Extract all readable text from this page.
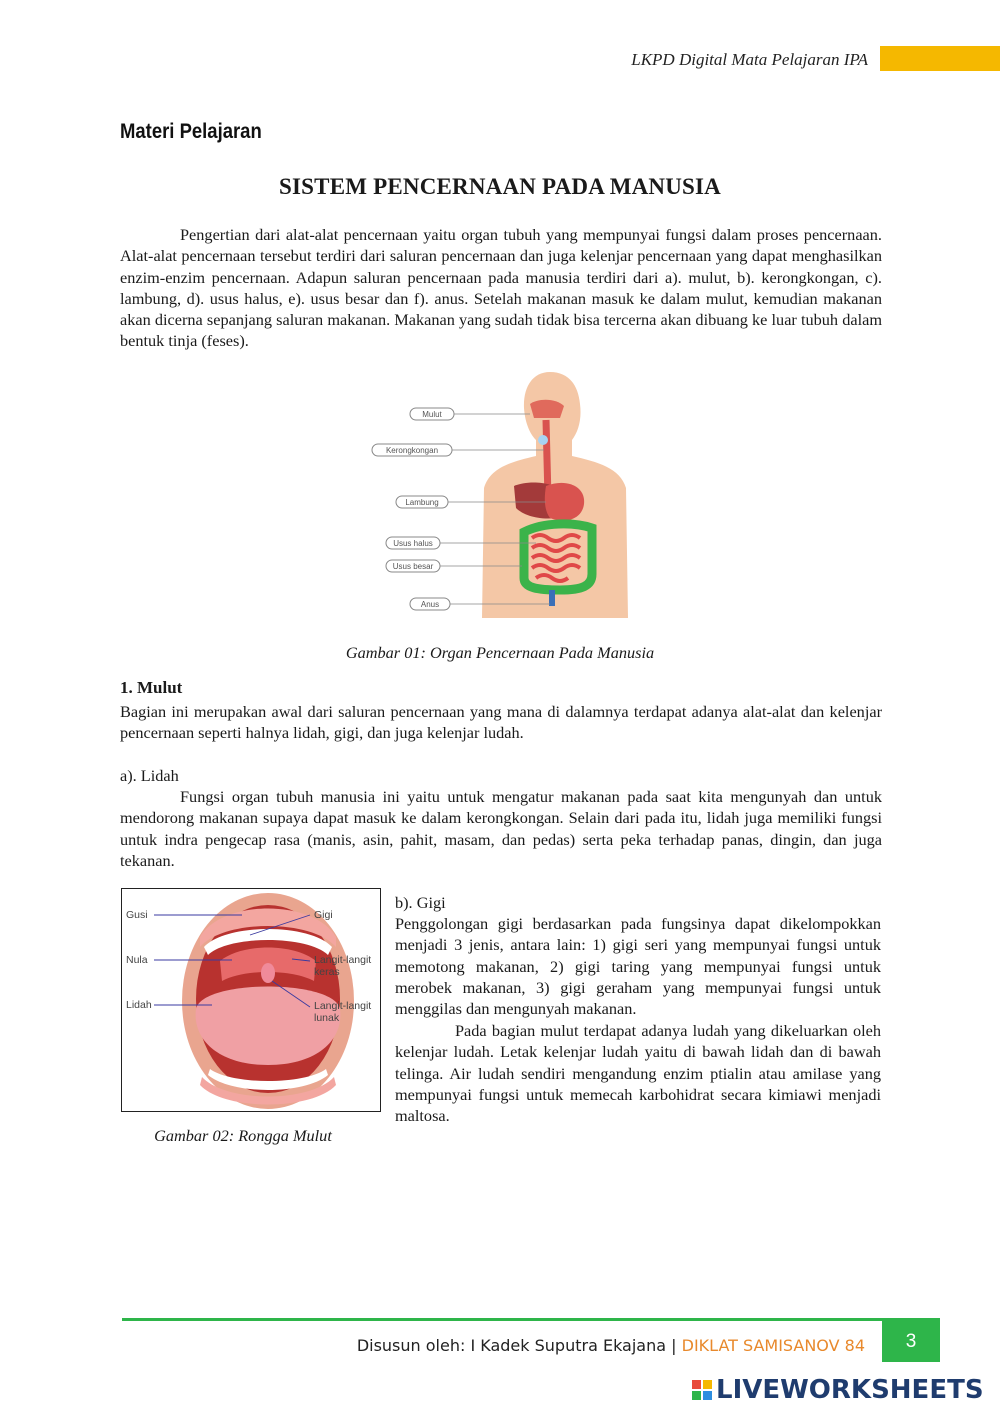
LKPD Digital Mata Pelajaran IPA
Materi Pelajaran
SISTEM PENCERNAAN PADA MANUSIA

Pengertian dari alat-alat pencernaan yaitu organ tubuh yang mempunyai fungsi dalam proses pencernaan. Alat-alat pencernaan tersebut terdiri dari saluran pencernaan dan juga kelenjar pencernaan yang dapat menghasilkan enzim-enzim pencernaan. Adapun saluran pencernaan pada manusia terdiri dari a). mulut, b). kerongkongan, c). lambung, d). usus halus, e). usus besar dan f). anus. Setelah makanan masuk ke dalam mulut, kemudian makanan akan dicerna sepanjang saluran makanan. Makanan yang sudah tidak bisa tercerna akan dibuang ke luar tubuh dalam bentuk tinja (feses).

Mulut
Kerongkongan
Lambung
Usus halus
Usus besar
Anus
Gambar 01: Organ Pencernaan Pada Manusia
1. Mulut

Bagian ini merupakan awal dari saluran pencernaan yang mana di dalamnya terdapat adanya alat-alat dan kelenjar pencernaan seperti halnya lidah, gigi, dan juga kelenjar ludah.

a). Lidah

Fungsi organ tubuh manusia ini yaitu untuk mengatur makanan pada saat kita mengunyah dan untuk mendorong makanan supaya dapat masuk ke dalam kerongkongan. Selain dari pada itu, lidah juga memiliki fungsi untuk indra pengecap rasa (manis, asin, pahit, masam, dan pedas) serta peka terhadap panas, dingin, dan juga tekanan.

Gusi
Nula
Lidah
Gigi
Langit-langit
keras
Langit-langit
lunak
Gambar 02: Rongga Mulut

b). Gigi

Penggolongan gigi berdasarkan pada fungsinya dapat dikelompokkan menjadi 3 jenis, antara lain: 1) gigi seri yang mempunyai fungsi untuk memotong makanan, 2) gigi taring yang mempunyai fungsi untuk merobek makanan, 3) gigi geraham yang mempunyai fungsi untuk menggilas dan mengunyah makanan.

Pada bagian mulut terdapat adanya ludah yang dikeluarkan oleh kelenjar ludah. Letak kelenjar ludah yaitu di bawah lidah dan di bawah telinga. Air ludah sendiri mengandung enzim ptialin atau amilase yang mempunyai fungsi untuk memecah karbohidrat secara kimiawi menjadi maltosa.

3
Disusun oleh: I Kadek Suputra Ekajana | DIKLAT SAMISANOV 84
LIVEWORKSHEETS
